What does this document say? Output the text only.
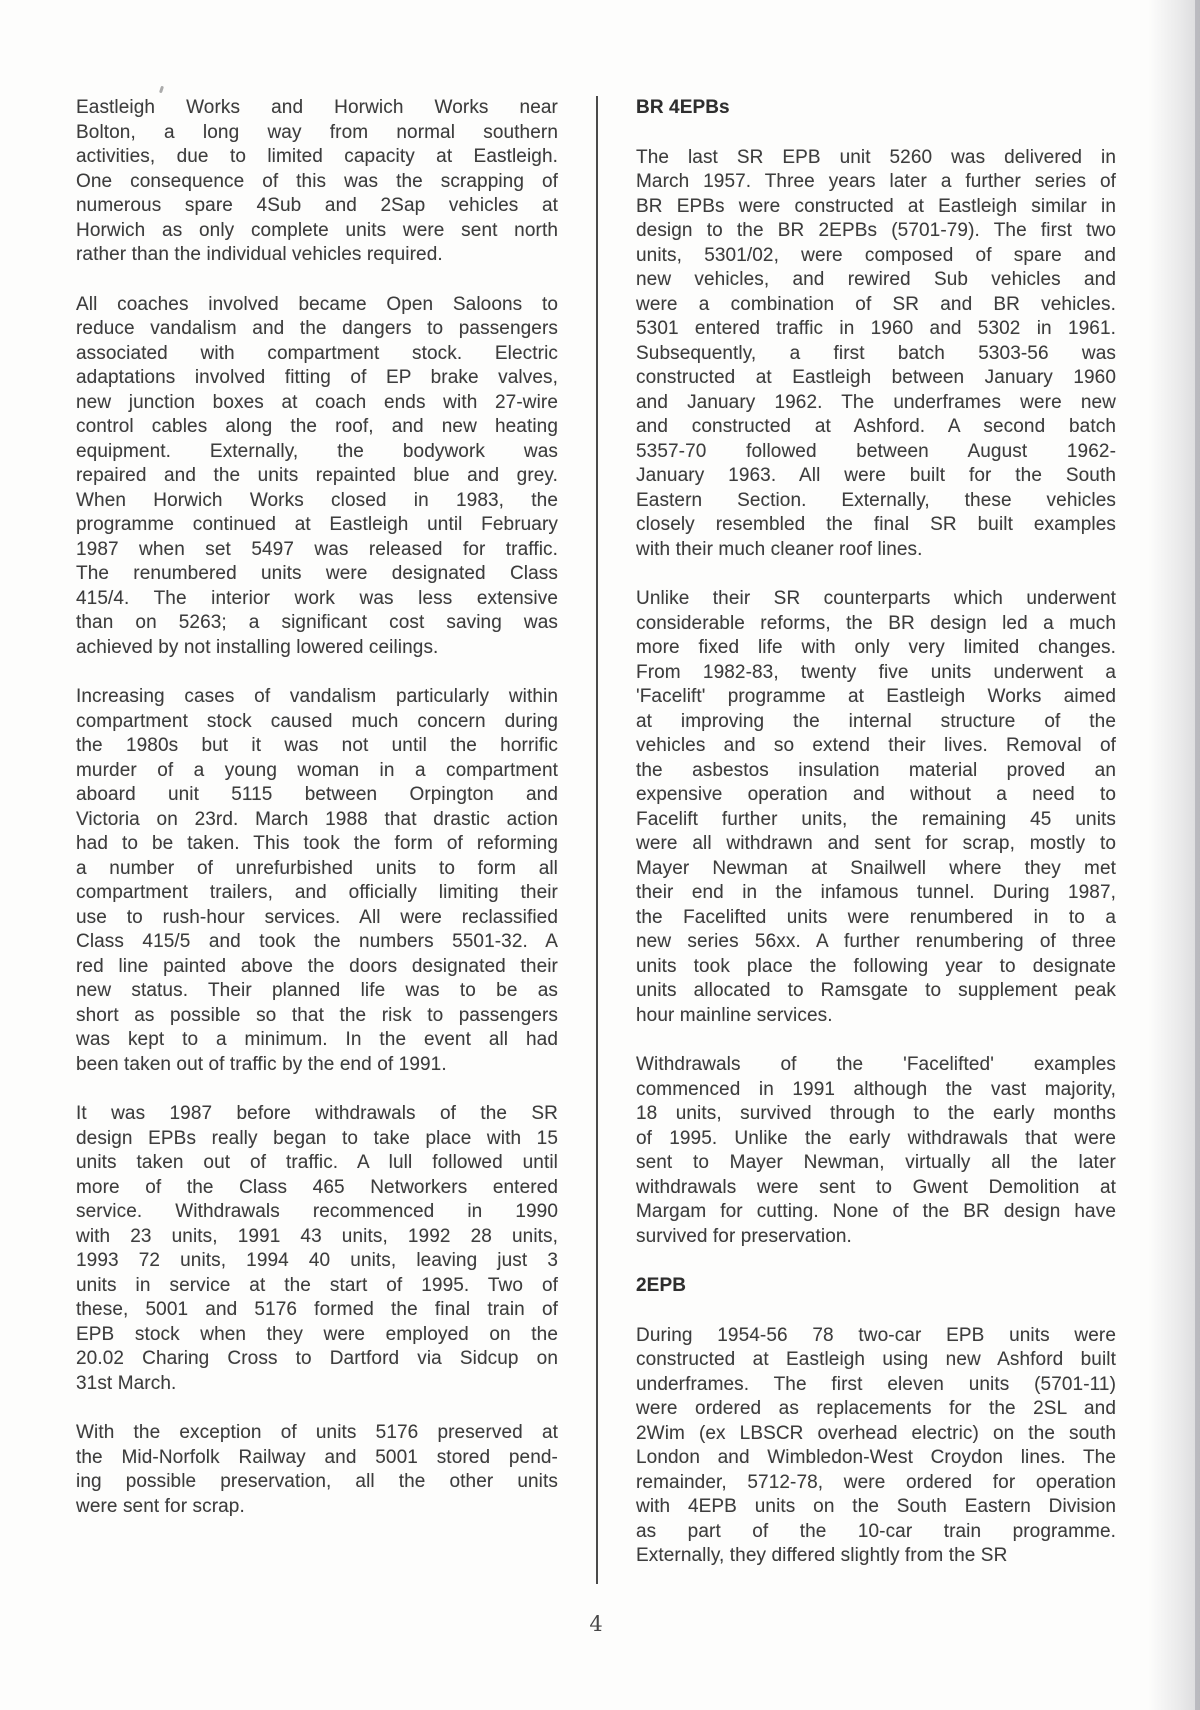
Eastleigh Works and Horwich Works near
Bolton, a long way from normal southern
activities, due to limited capacity at Eastleigh.
One consequence of this was the scrapping of
numerous spare 4Sub and 2Sap vehicles at
Horwich as only complete units were sent north
rather than the individual vehicles required.
All coaches involved became Open Saloons to
reduce vandalism and the dangers to passengers
associated with compartment stock. Electric
adaptations involved fitting of EP brake valves,
new junction boxes at coach ends with 27-wire
control cables along the roof, and new heating
equipment. Externally, the bodywork was
repaired and the units repainted blue and grey.
When Horwich Works closed in 1983, the
programme continued at Eastleigh until February
1987 when set 5497 was released for traffic.
The renumbered units were designated Class
415/4. The interior work was less extensive
than on 5263; a significant cost saving was
achieved by not installing lowered ceilings.
Increasing cases of vandalism particularly within
compartment stock caused much concern during
the 1980s but it was not until the horrific
murder of a young woman in a compartment
aboard unit 5115 between Orpington and
Victoria on 23rd. March 1988 that drastic action
had to be taken. This took the form of reforming
a number of unrefurbished units to form all
compartment trailers, and officially limiting their
use to rush-hour services. All were reclassified
Class 415/5 and took the numbers 5501-32. A
red line painted above the doors designated their
new status. Their planned life was to be as
short as possible so that the risk to passengers
was kept to a minimum. In the event all had
been taken out of traffic by the end of 1991.
It was 1987 before withdrawals of the SR
design EPBs really began to take place with 15
units taken out of traffic. A lull followed until
more of the Class 465 Networkers entered
service. Withdrawals recommenced in 1990
with 23 units, 1991 43 units, 1992 28 units,
1993 72 units, 1994 40 units, leaving just 3
units in service at the start of 1995. Two of
these, 5001 and 5176 formed the final train of
EPB stock when they were employed on the
20.02 Charing Cross to Dartford via Sidcup on
31st March.
With the exception of units 5176 preserved at
the Mid-Norfolk Railway and 5001 stored pend-
ing possible preservation, all the other units
were sent for scrap.
BR 4EPBs
The last SR EPB unit 5260 was delivered in
March 1957. Three years later a further series of
BR EPBs were constructed at Eastleigh similar in
design to the BR 2EPBs (5701-79). The first two
units, 5301/02, were composed of spare and
new vehicles, and rewired Sub vehicles and
were a combination of SR and BR vehicles.
5301 entered traffic in 1960 and 5302 in 1961.
Subsequently, a first batch 5303-56 was
constructed at Eastleigh between January 1960
and January 1962. The underframes were new
and constructed at Ashford. A second batch
5357-70 followed between August 1962-
January 1963. All were built for the South
Eastern Section. Externally, these vehicles
closely resembled the final SR built examples
with their much cleaner roof lines.
Unlike their SR counterparts which underwent
considerable reforms, the BR design led a much
more fixed life with only very limited changes.
From 1982-83, twenty five units underwent a
'Facelift' programme at Eastleigh Works aimed
at improving the internal structure of the
vehicles and so extend their lives. Removal of
the asbestos insulation material proved an
expensive operation and without a need to
Facelift further units, the remaining 45 units
were all withdrawn and sent for scrap, mostly to
Mayer Newman at Snailwell where they met
their end in the infamous tunnel. During 1987,
the Facelifted units were renumbered in to a
new series 56xx. A further renumbering of three
units took place the following year to designate
units allocated to Ramsgate to supplement peak
hour mainline services.
Withdrawals of the 'Facelifted' examples
commenced in 1991 although the vast majority,
18 units, survived through to the early months
of 1995. Unlike the early withdrawals that were
sent to Mayer Newman, virtually all the later
withdrawals were sent to Gwent Demolition at
Margam for cutting. None of the BR design have
survived for preservation.
2EPB
During 1954-56 78 two-car EPB units were
constructed at Eastleigh using new Ashford built
underframes. The first eleven units (5701-11)
were ordered as replacements for the 2SL and
2Wim (ex LBSCR overhead electric) on the south
London and Wimbledon-West Croydon lines. The
remainder, 5712-78, were ordered for operation
with 4EPB units on the South Eastern Division
as part of the 10-car train programme.
Externally, they differed slightly from the SR
4
